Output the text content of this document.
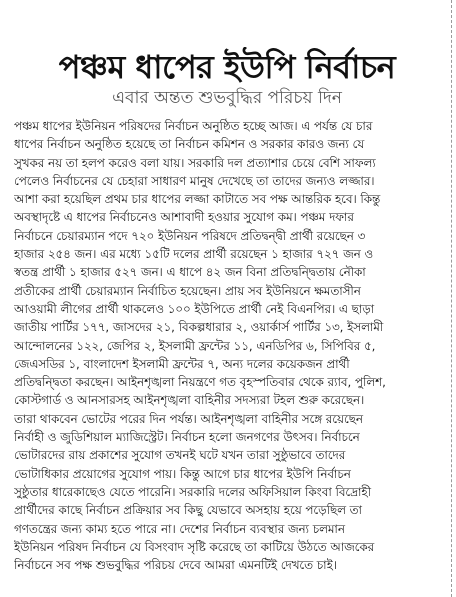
পঞ্চম ধাপের ইউপি নির্বাচন
এবার অন্তত শুভবুদ্ধির পরিচয় দিন
পঞ্চম ধাপের ইউনিয়ন পরিষদের নির্বাচন অনুষ্ঠিত হচ্ছে আজ। এ পর্যন্ত যে চার
ধাপের নির্বাচন অনুষ্ঠিত হয়েছে তা নির্বাচন কমিশন ও সরকার কারও জন্য যে
সুখকর নয় তা হলপ করেও বলা যায়। সরকারি দল প্রত্যাশার চেয়ে বেশি সাফল্য
পেলেও নির্বাচনের যে চেহারা সাধারণ মানুষ দেখেছে তা তাদের জন্যও লজ্জার।
আশা করা হয়েছিল প্রথম চার ধাপের লজ্জা কাটাতে সব পক্ষ আন্তরিক হবে। কিন্তু
অবস্থাদৃষ্টে এ ধাপের নির্বাচনেও আশাবাদী হওয়ার সুযোগ কম। পঞ্চম দফার
নির্বাচনে চেয়ারম্যান পদে ৭২০ ইউনিয়ন পরিষদে প্রতিদ্বন্দ্বী প্রার্থী রয়েছেন ৩
হাজার ২৫৪ জন। এর মধ্যে ১৫টি দলের প্রার্থী রয়েছেন ১ হাজার ৭২৭ জন ও
স্বতন্ত্র প্রার্থী ১ হাজার ৫২৭ জন। এ ধাপে ৪২ জন বিনা প্রতিদ্বন্দ্বিতায় নৌকা
প্রতীকের প্রার্থী চেয়ারম্যান নির্বাচিত হয়েছেন। প্রায় সব ইউনিয়নে ক্ষমতাসীন
আওয়ামী লীগের প্রার্থী থাকলেও ১০০ ইউপিতে প্রার্থী নেই বিএনপির। এ ছাড়া
জাতীয় পার্টির ১৭৭, জাসদের ২১, বিকল্পধারার ২, ওয়ার্কার্স পার্টির ১৩, ইসলামী
আন্দোলনের ১২২, জেপির ২, ইসলামী ফ্রন্টের ১১, এনডিপির ৬, সিপিবির ৫,
জেএসডির ১, বাংলাদেশ ইসলামী ফ্রন্টের ৭, অন্য দলের কয়েকজন প্রার্থী
প্রতিদ্বন্দ্বিতা করছেন। আইনশৃঙ্খলা নিয়ন্ত্রণে গত বৃহস্পতিবার থেকে র‍্যাব, পুলিশ,
কোস্টগার্ড ও আনসারসহ আইনশৃঙ্খলা বাহিনীর সদস্যরা টহল শুরু করেছেন।
তারা থাকবেন ভোটের পরের দিন পর্যন্ত। আইনশৃঙ্খলা বাহিনীর সঙ্গে রয়েছেন
নির্বাহী ও জুডিশিয়াল ম্যাজিস্ট্রেট। নির্বাচন হলো জনগণের উৎসব। নির্বাচনে
ভোটারদের রায় প্রকাশের সুযোগ তখনই ঘটে যখন তারা সুষ্ঠুভাবে তাদের
ভোটাধিকার প্রয়োগের সুযোগ পায়। কিন্তু আগে চার ধাপের ইউপি নির্বাচন
সুষ্ঠুতার ধারেকাছেও যেতে পারেনি। সরকারি দলের অফিসিয়াল কিংবা বিদ্রোহী
প্রার্থীদের কাছে নির্বাচন প্রক্রিয়ার সব কিছু যেভাবে অসহায় হয়ে পড়েছিল তা
গণতন্ত্রের জন্য কাম্য হতে পারে না। দেশের নির্বাচন ব্যবস্থার জন্য চলমান
ইউনিয়ন পরিষদ নির্বাচন যে বিসংবাদ সৃষ্টি করেছে তা কাটিয়ে উঠতে আজকের
নির্বাচনে সব পক্ষ শুভবুদ্ধির পরিচয় দেবে আমরা এমনটিই দেখতে চাই।
